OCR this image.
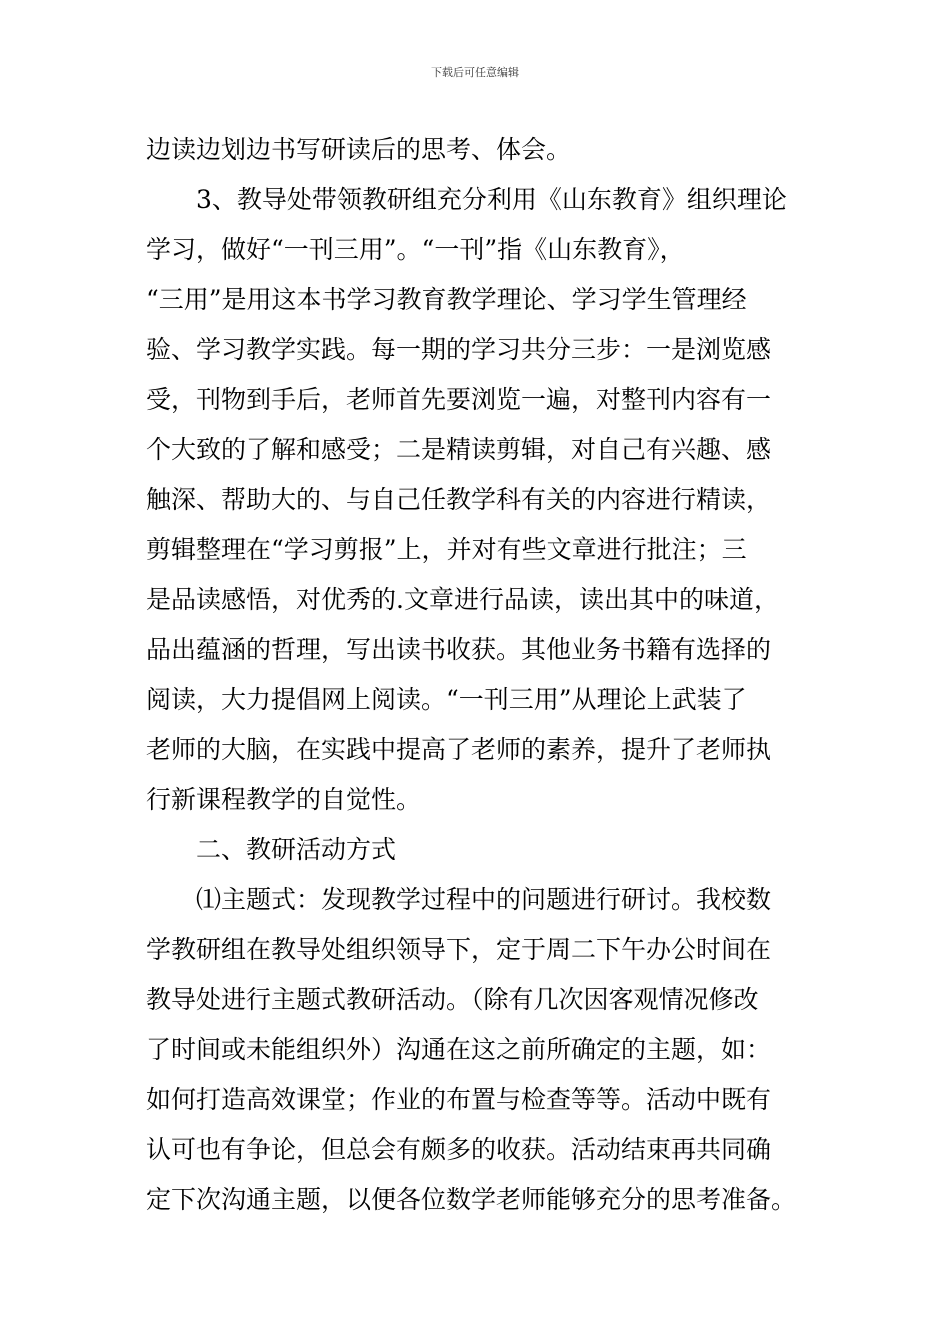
下载后可任意编辑
边读边划边书写研读后的思考、体会。
3、教导处带领教研组充分利用《山东教育》组织理论
学习，做好“一刊三用”。“一刊”指《山东教育》，
“三用”是用这本书学习教育教学理论、学习学生管理经
验、学习教学实践。每一期的学习共分三步：一是浏览感
受，刊物到手后，老师首先要浏览一遍，对整刊内容有一
个大致的了解和感受；二是精读剪辑，对自己有兴趣、感
触深、帮助大的、与自己任教学科有关的内容进行精读，
剪辑整理在“学习剪报”上，并对有些文章进行批注；三
是品读感悟，对优秀的.文章进行品读，读出其中的味道，
品出蕴涵的哲理，写出读书收获。其他业务书籍有选择的
阅读，大力提倡网上阅读。“一刊三用”从理论上武装了
老师的大脑，在实践中提高了老师的素养，提升了老师执
行新课程教学的自觉性。
二、教研活动方式
⑴主题式：发现教学过程中的问题进行研讨。我校数
学教研组在教导处组织领导下，定于周二下午办公时间在
教导处进行主题式教研活动。（除有几次因客观情况修改
了时间或未能组织外）沟通在这之前所确定的主题，如：
如何打造高效课堂；作业的布置与检查等等。活动中既有
认可也有争论，但总会有颇多的收获。活动结束再共同确
定下次沟通主题，以便各位数学老师能够充分的思考准备。
